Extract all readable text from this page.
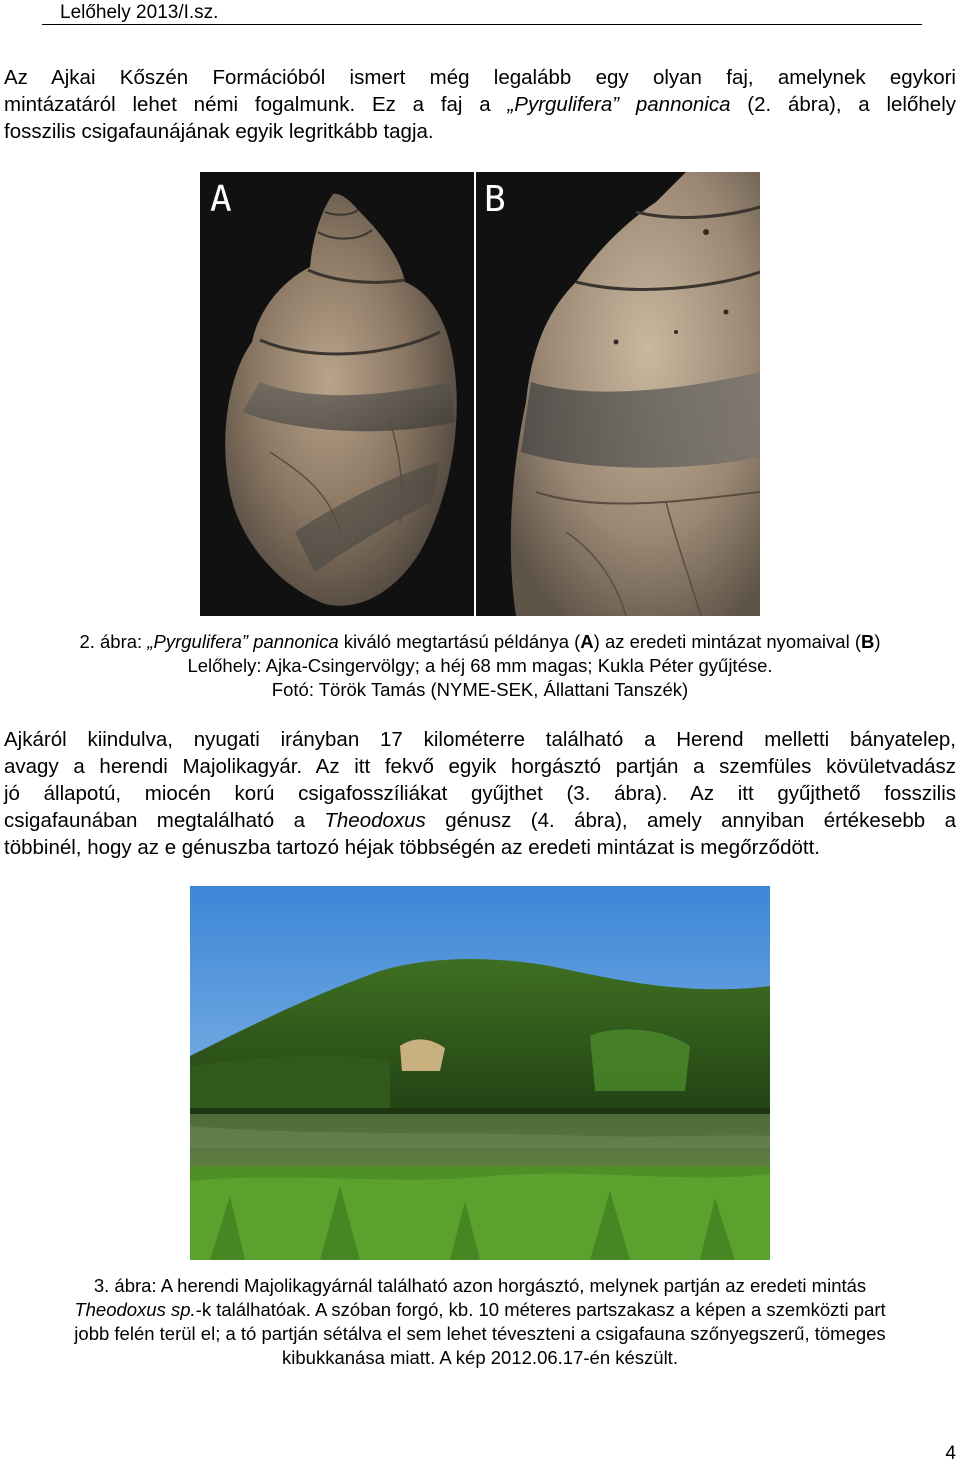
Lelőhely 2013/I.sz.
Az Ajkai Kőszén Formációból ismert még legalább egy olyan faj, amelynek egykori
mintázatáról lehet némi fogalmunk. Ez a faj a „Pyrgulifera” pannonica (2. ábra), a lelőhely
fosszilis csigafaunájának egyik legritkább tagja.
A	B
2. ábra: „Pyrgulifera” pannonica kiváló megtartású példánya (A) az eredeti mintázat nyomaival (B)
Lelőhely: Ajka-Csingervölgy; a héj 68 mm magas; Kukla Péter gyűjtése.
Fotó: Török Tamás (NYME-SEK, Állattani Tanszék)
Ajkáról kiindulva, nyugati irányban 17 kilométerre található a Herend melletti bányatelep,
avagy a herendi Majolikagyár. Az itt fekvő egyik horgásztó partján a szemfüles kövületvadász
jó állapotú, miocén korú csigafosszíliákat gyűjthet (3. ábra). Az itt gyűjthető fosszilis
csigafaunában megtalálható a Theodoxus génusz (4. ábra), amely annyiban értékesebb a
többinél, hogy az e génuszba tartozó héjak többségén az eredeti mintázat is megőrződött.
3. ábra: A herendi Majolikagyárnál található azon horgásztó, melynek partján az eredeti mintás
Theodoxus sp.-k találhatóak. A szóban forgó, kb. 10 méteres partszakasz a képen a szemközti part
jobb felén terül el; a tó partján sétálva el sem lehet téveszteni a csigafauna szőnyegszerű, tömeges
kibukkanása miatt. A kép 2012.06.17-én készült.
4
